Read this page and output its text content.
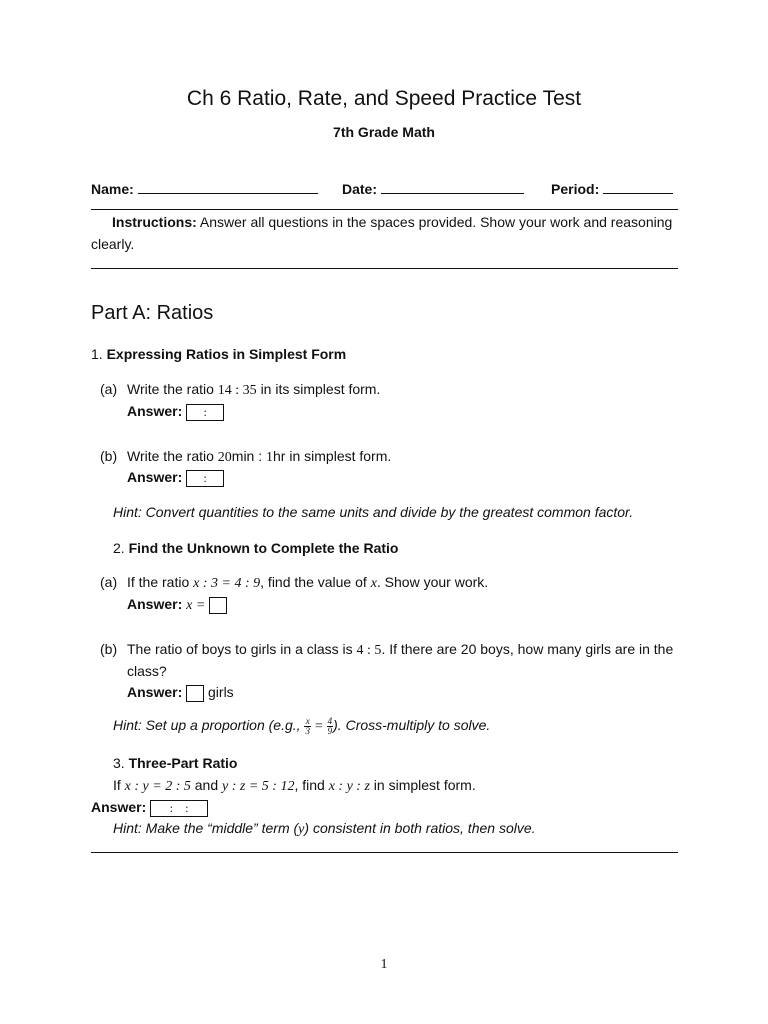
Ch 6 Ratio, Rate, and Speed Practice Test
7th Grade Math
Name:	Date:	Period:
Instructions: Answer all questions in the spaces provided. Show your work and reasoning
clearly.
Part A: Ratios
1. Expressing Ratios in Simplest Form
(a) Write the ratio 14 : 35 in its simplest form.
Answer: :
(b) Write the ratio 20min : 1hr in simplest form.
Answer: :
Hint: Convert quantities to the same units and divide by the greatest common factor.
2. Find the Unknown to Complete the Ratio
(a) If the ratio x : 3 = 4 : 9, find the value of x. Show your work.
Answer: x =
(b) The ratio of boys to girls in a class is 4 : 5. If there are 20 boys, how many girls are in the
class?
Answer: girls
Hint: Set up a proportion (e.g., $\frac{x}{3} = \frac{4}{9}$ ). Cross-multiply to solve.
3. Three-Part Ratio
If x : y = 2 : 5 and y : z = 5 : 12, find x : y : z in simplest form.
Answer: :    :
Hint: Make the “middle” term (y) consistent in both ratios, then solve.
1
